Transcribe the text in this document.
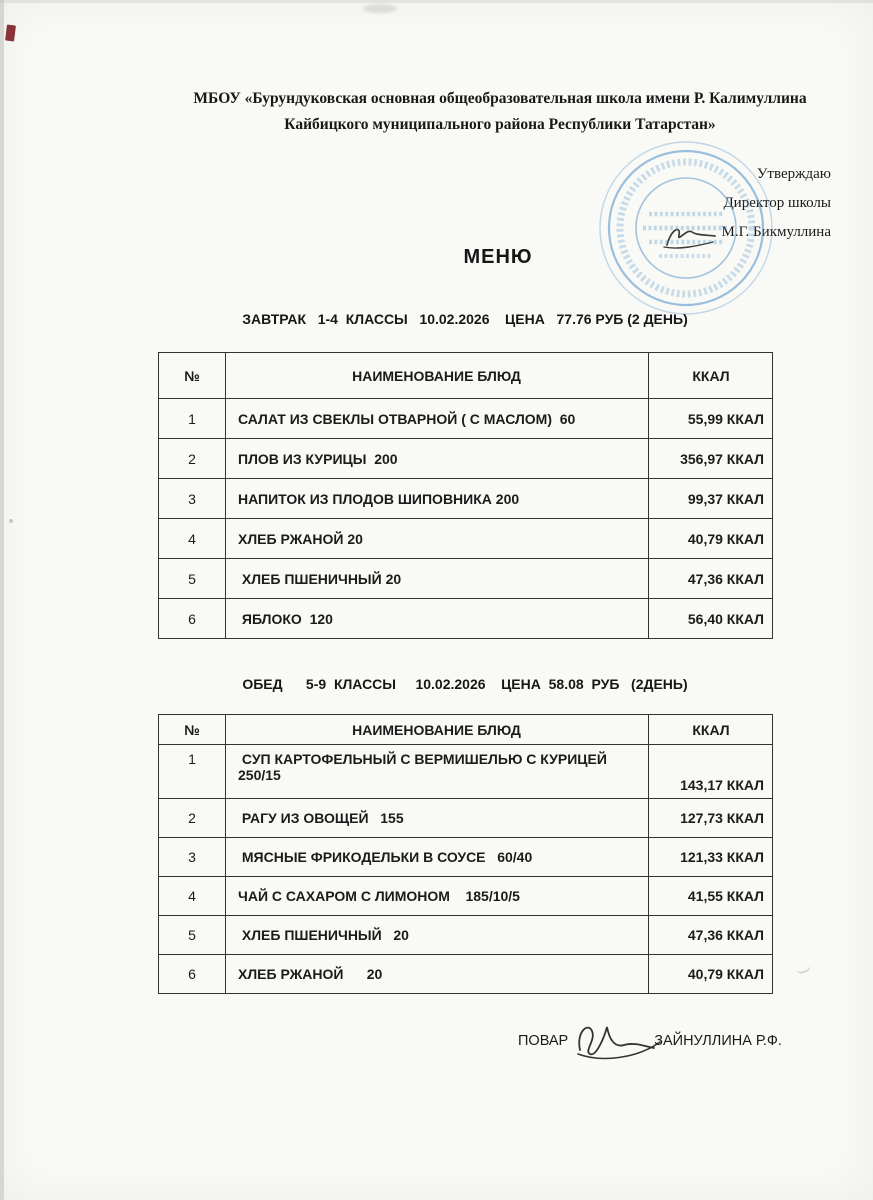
МБОУ «Бурундуковская основная общеобразовательная школа имени Р. Калимуллина
Кайбицкого муниципального района Республики Татарстан»
Утверждаю
Директор школы
М.Г. Бикмуллина
МЕНЮ
ЗАВТРАК   1-4  КЛАССЫ   10.02.2026    ЦЕНА   77.76 РУБ (2 ДЕНЬ)
№	НАИМЕНОВАНИЕ БЛЮД	ККАЛ
1	САЛАТ ИЗ СВЕКЛЫ ОТВАРНОЙ ( С МАСЛОМ)  60	55,99 ККАЛ
2	ПЛОВ ИЗ КУРИЦЫ  200	356,97 ККАЛ
3	НАПИТОК ИЗ ПЛОДОВ ШИПОВНИКА 200	99,37 ККАЛ
4	ХЛЕБ РЖАНОЙ 20	40,79 ККАЛ
5	ХЛЕБ ПШЕНИЧНЫЙ 20	47,36 ККАЛ
6	ЯБЛОКО  120	56,40 ККАЛ
ОБЕД      5-9  КЛАССЫ     10.02.2026    ЦЕНА  58.08  РУБ   (2ДЕНЬ)
№	НАИМЕНОВАНИЕ БЛЮД	ККАЛ
1	СУП КАРТОФЕЛЬНЫЙ С ВЕРМИШЕЛЬЮ С КУРИЦЕЙ  250/15	143,17 ККАЛ
2	РАГУ ИЗ ОВОЩЕЙ   155	127,73 ККАЛ
3	МЯСНЫЕ ФРИКОДЕЛЬКИ В СОУСЕ   60/40	121,33 ККАЛ
4	ЧАЙ С САХАРОМ С ЛИМОНОМ    185/10/5	41,55 ККАЛ
5	ХЛЕБ ПШЕНИЧНЫЙ   20	47,36 ККАЛ
6	ХЛЕБ РЖАНОЙ      20	40,79 ККАЛ
ПОВАР	ЗАЙНУЛЛИНА Р.Ф.
